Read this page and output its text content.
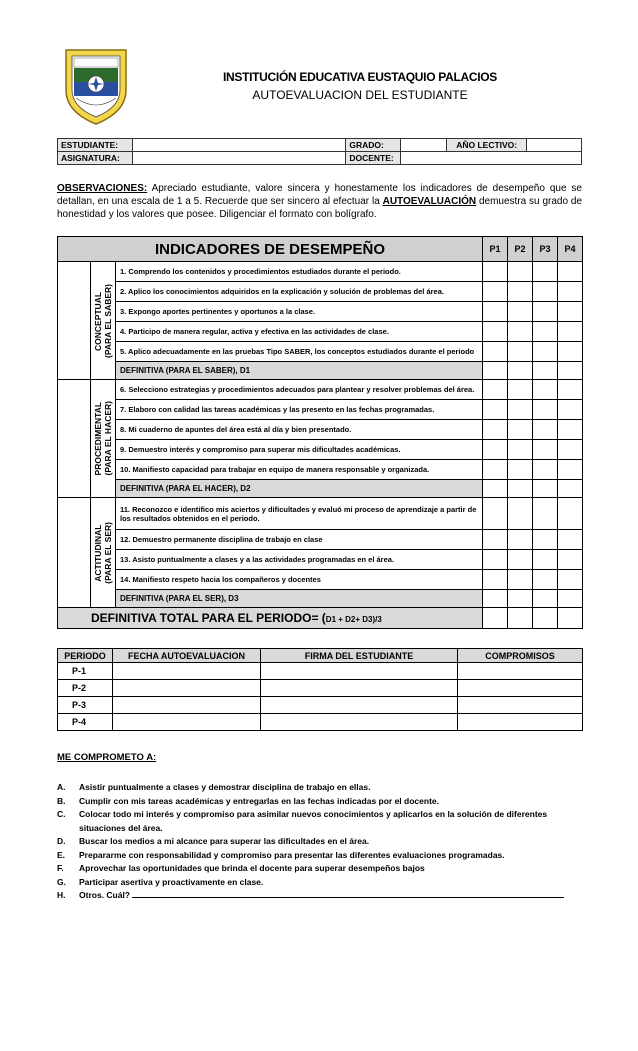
INSTITUCIÓN EDUCATIVA EUSTAQUIO PALACIOS
AUTOEVALUACION DEL ESTUDIANTE
ESTUDIANTE:		GRADO:		AÑO LECTIVO:	
ASIGNATURA:		DOCENTE:			
OBSERVACIONES: Apreciado estudiante, valore sincera y honestamente los indicadores de desempeño que se detallan, en una escala de 1 a 5. Recuerde que ser sincero al efectuar la AUTOEVALUACIÓN demuestra su grado de honestidad y los valores que posee. Diligenciar el formato con bolígrafo.
INDICADORES DE DESEMPEÑO			P1	P2	P3	P4

	CONCEPTUAL
(PARA EL SABER)	1. Comprendo los contenidos y procedimientos estudiados durante el periodo.				
		2. Aplico los conocimientos adquiridos en la explicación y solución de problemas del área.				
		3. Expongo aportes pertinentes y oportunos a la clase.				
		4. Participo de manera regular, activa y efectiva en las actividades de clase.				
		5. Aplico adecuadamente en las pruebas Tipo SABER, los conceptos estudiados durante el periodo				
		DEFINITIVA (PARA EL SABER), D1				

	PROCEDIMENTAL
(PARA EL HACER)	6. Selecciono estrategias y procedimientos adecuados para plantear y resolver problemas del área.				
		7. Elaboro con calidad las tareas académicas y las presento en las fechas programadas.				
		8. Mi cuaderno de apuntes del área está al día y bien presentado.				
		9. Demuestro interés y compromiso para superar mis dificultades académicas.				
		10. Manifiesto capacidad para trabajar en equipo de manera responsable y organizada.				
		DEFINITIVA (PARA EL HACER), D2				

	ACTITUDINAL
(PARA EL SER)	11. Reconozco e identifico mis aciertos y dificultades y evaluó mi proceso de aprendizaje a partir de los resultados obtenidos en el periodo.				
		12. Demuestro permanente disciplina de trabajo en clase				
		13. Asisto puntualmente a clases y a las actividades programadas en el área.				
		14. Manifiesto respeto hacia los compañeros y docentes				
		DEFINITIVA (PARA EL SER), D3				
DEFINITIVA TOTAL PARA EL PERIODO= (D1 + D2+ D3)/3						
PERIODO	FECHA AUTOEVALUACION	FIRMA DEL ESTUDIANTE	COMPROMISOS
P-1			
P-2			
P-3			
P-4			
ME COMPROMETO A:
A.	Asistir puntualmente a clases y demostrar disciplina de trabajo en ellas.
B.	Cumplir con mis tareas académicas y entregarlas en las fechas indicadas por el docente.
C.	Colocar todo mi interés y compromiso para asimilar nuevos conocimientos y aplicarlos en la solución de diferentes situaciones del área.
D.	Buscar los medios a mi alcance para superar las dificultades en el área.
E.	Prepararme con responsabilidad y compromiso para presentar las diferentes evaluaciones programadas.
F.	Aprovechar las oportunidades que brinda el docente para superar desempeños bajos
G.	Participar asertiva y proactivamente en clase.
H.	Otros. Cuál?
